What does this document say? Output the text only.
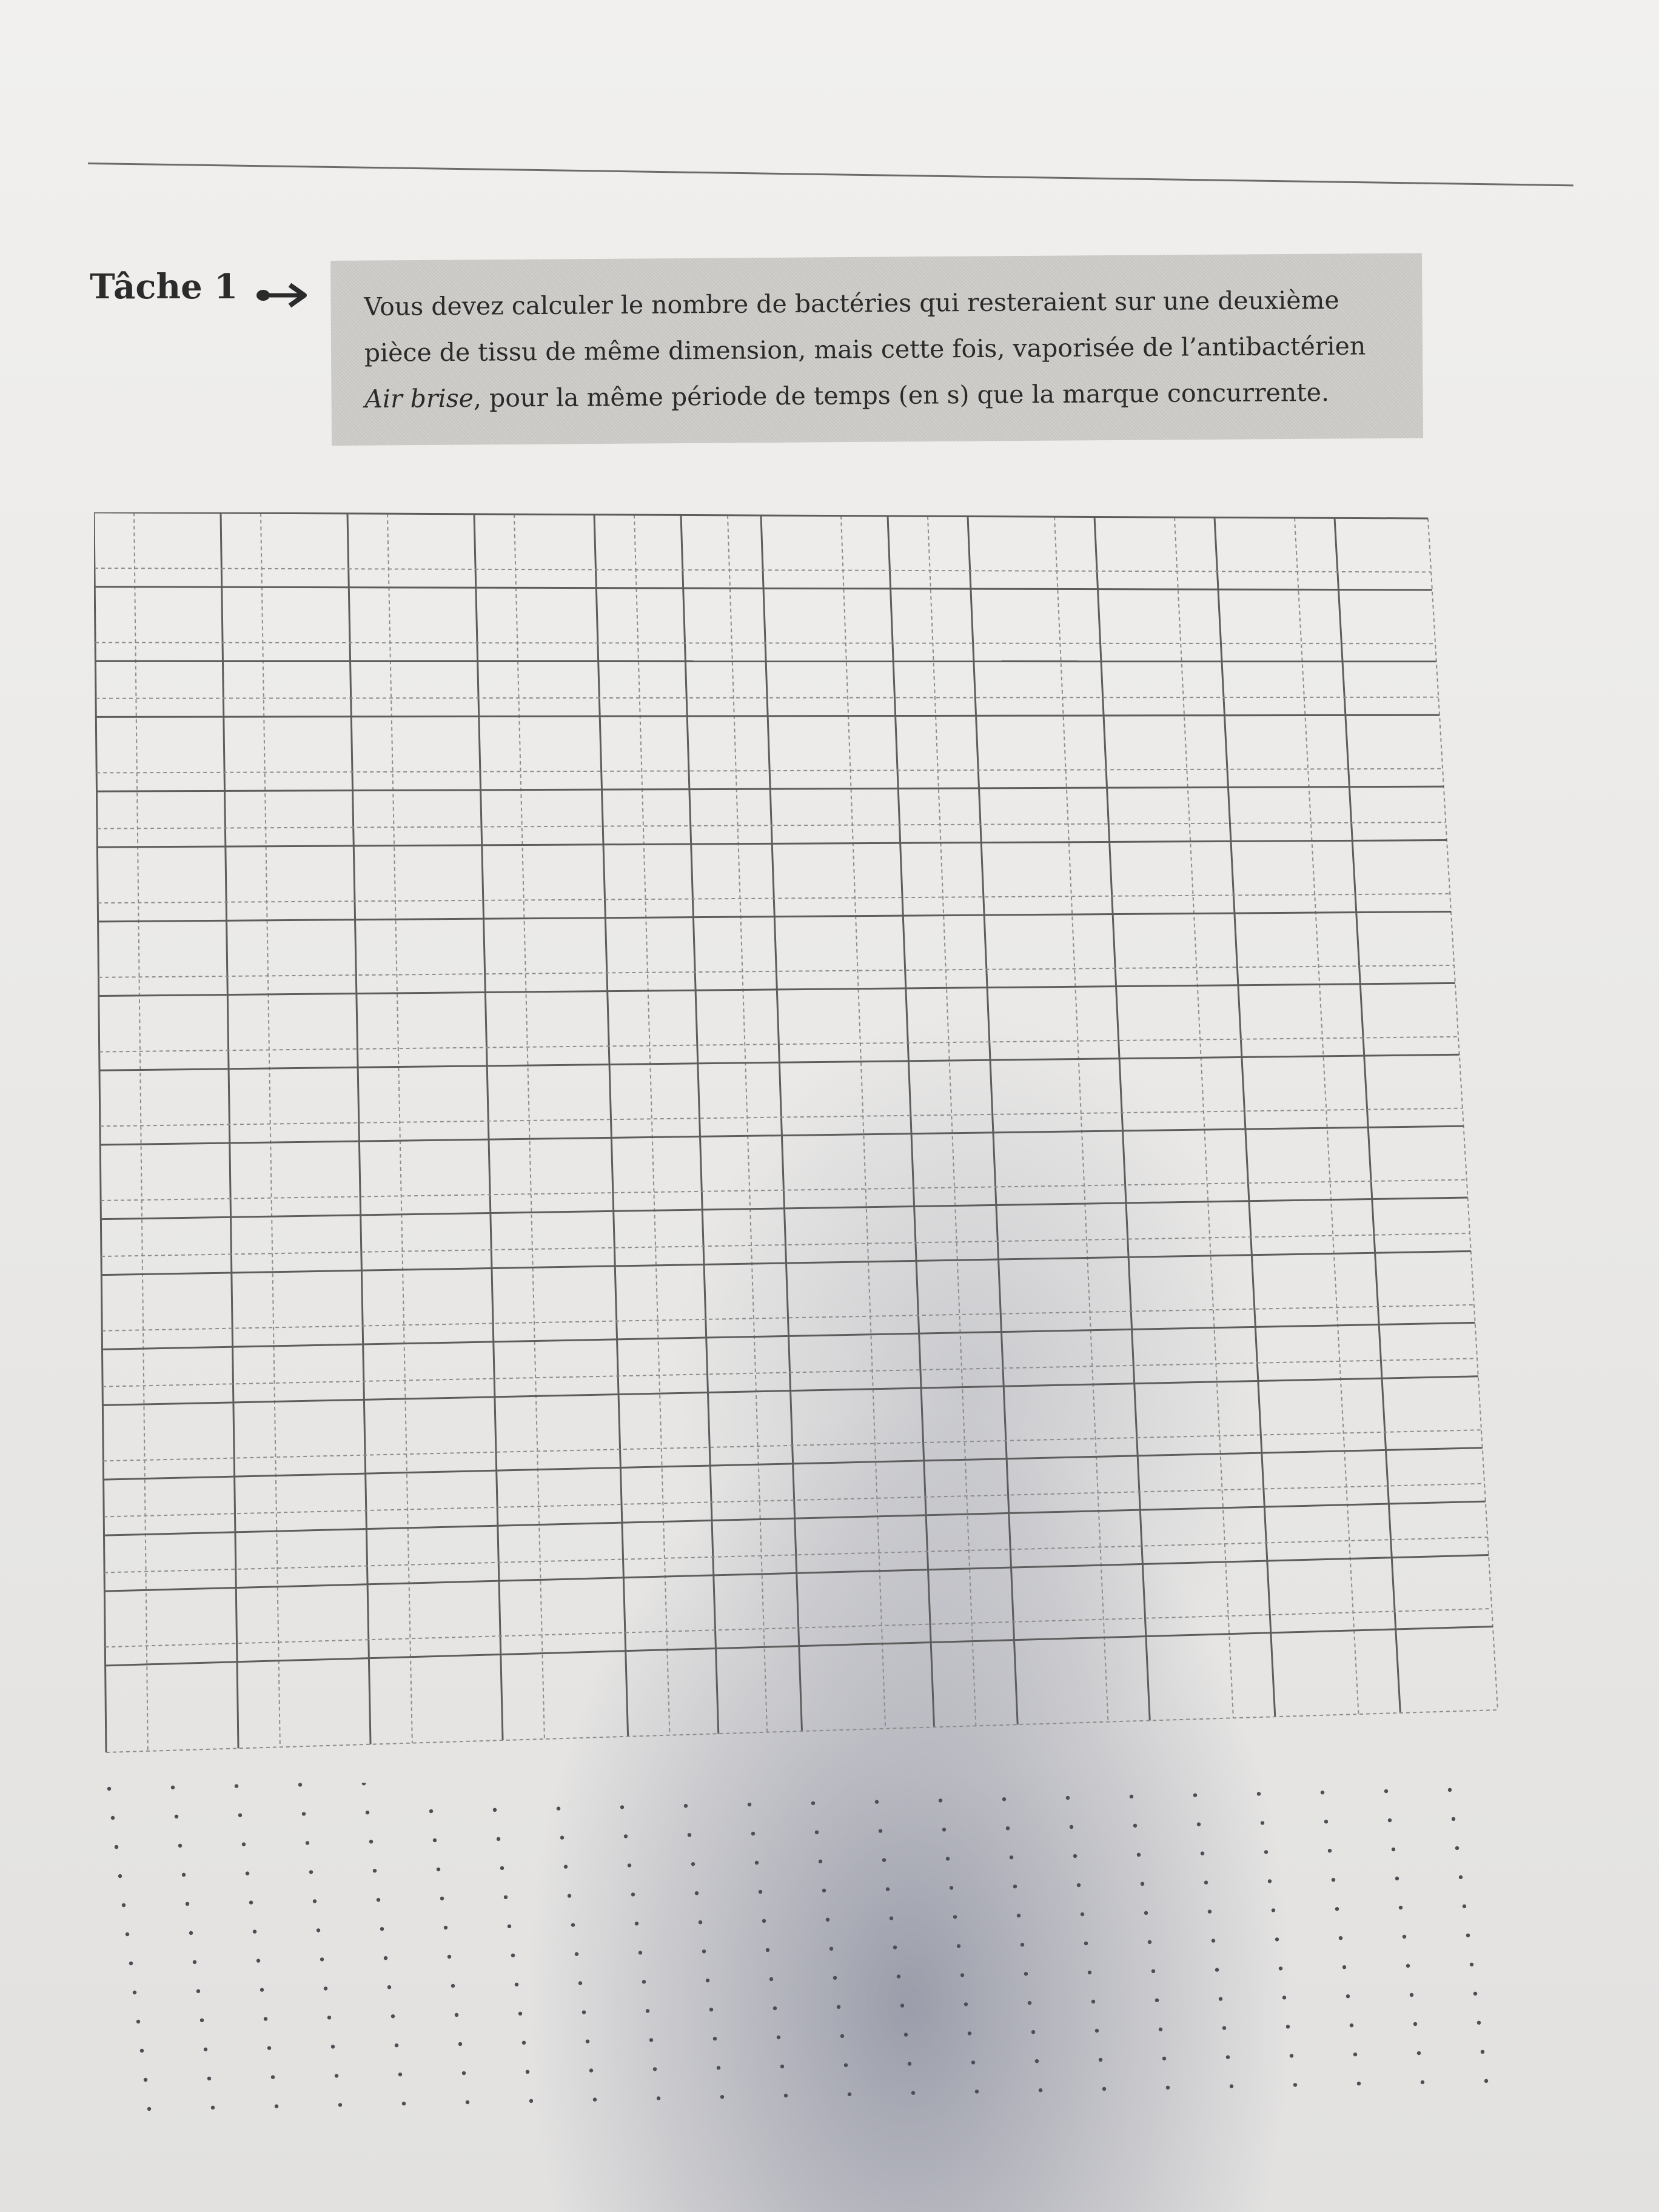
Tâche 1	Vous devez calculer le nombre de bactéries qui resteraient sur une deuxième
pièce de tissu de même dimension, mais cette fois, vaporisée de l’antibactérien
Air brise, pour la même période de temps (en s) que la marque concurrente.
